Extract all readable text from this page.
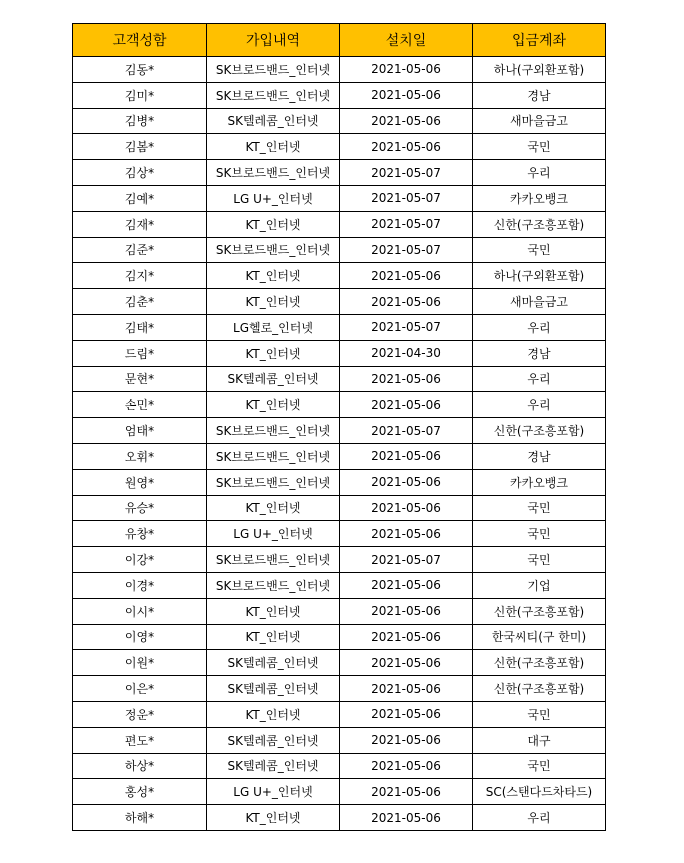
고객성함	가입내역	설치일	입금계좌
김동*	SK브로드밴드_인터넷	2021-05-06	하나(구외환포함)
김미*	SK브로드밴드_인터넷	2021-05-06	경남
김병*	SK텔레콤_인터넷	2021-05-06	새마을금고
김봄*	KT_인터넷	2021-05-06	국민
김상*	SK브로드밴드_인터넷	2021-05-07	우리
김예*	LG U+_인터넷	2021-05-07	카카오뱅크
김재*	KT_인터넷	2021-05-07	신한(구조흥포함)
김준*	SK브로드밴드_인터넷	2021-05-07	국민
김지*	KT_인터넷	2021-05-06	하나(구외환포함)
김춘*	KT_인터넷	2021-05-06	새마을금고
김태*	LG헬로_인터넷	2021-05-07	우리
드림*	KT_인터넷	2021-04-30	경남
문현*	SK텔레콤_인터넷	2021-05-06	우리
손민*	KT_인터넷	2021-05-06	우리
엄태*	SK브로드밴드_인터넷	2021-05-07	신한(구조흥포함)
오휘*	SK브로드밴드_인터넷	2021-05-06	경남
원영*	SK브로드밴드_인터넷	2021-05-06	카카오뱅크
유승*	KT_인터넷	2021-05-06	국민
유창*	LG U+_인터넷	2021-05-06	국민
이강*	SK브로드밴드_인터넷	2021-05-07	국민
이경*	SK브로드밴드_인터넷	2021-05-06	기업
이시*	KT_인터넷	2021-05-06	신한(구조흥포함)
이영*	KT_인터넷	2021-05-06	한국씨티(구 한미)
이원*	SK텔레콤_인터넷	2021-05-06	신한(구조흥포함)
이은*	SK텔레콤_인터넷	2021-05-06	신한(구조흥포함)
정운*	KT_인터넷	2021-05-06	국민
편도*	SK텔레콤_인터넷	2021-05-06	대구
하상*	SK텔레콤_인터넷	2021-05-06	국민
홍성*	LG U+_인터넷	2021-05-06	SC(스탠다드차타드)
하해*	KT_인터넷	2021-05-06	우리
